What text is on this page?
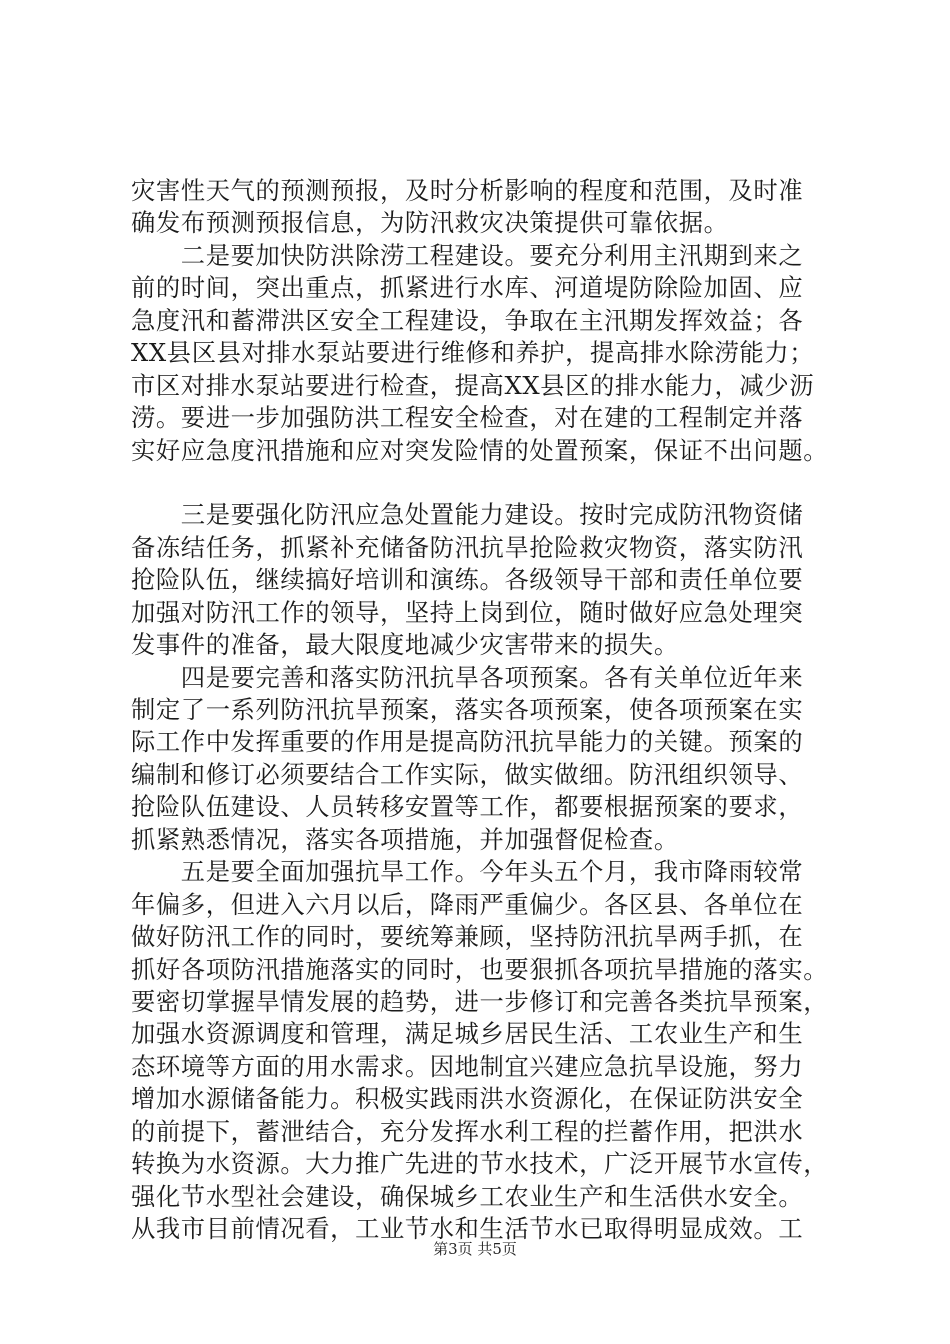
灾害性天气的预测预报，及时分析影响的程度和范围，及时准
确发布预测预报信息，为防汛救灾决策提供可靠依据。
　　二是要加快防洪除涝工程建设。要充分利用主汛期到来之
前的时间，突出重点，抓紧进行水库、河道堤防除险加固、应
急度汛和蓄滞洪区安全工程建设，争取在主汛期发挥效益；各
XX县区县对排水泵站要进行维修和养护，提高排水除涝能力；
市区对排水泵站要进行检查，提高XX县区的排水能力，减少沥
涝。要进一步加强防洪工程安全检查，对在建的工程制定并落
实好应急度汛措施和应对突发险情的处置预案，保证不出问题。
　　三是要强化防汛应急处置能力建设。按时完成防汛物资储
备冻结任务，抓紧补充储备防汛抗旱抢险救灾物资，落实防汛
抢险队伍，继续搞好培训和演练。各级领导干部和责任单位要
加强对防汛工作的领导，坚持上岗到位，随时做好应急处理突
发事件的准备，最大限度地减少灾害带来的损失。
　　四是要完善和落实防汛抗旱各项预案。各有关单位近年来
制定了一系列防汛抗旱预案，落实各项预案，使各项预案在实
际工作中发挥重要的作用是提高防汛抗旱能力的关键。预案的
编制和修订必须要结合工作实际，做实做细。防汛组织领导、
抢险队伍建设、人员转移安置等工作，都要根据预案的要求，
抓紧熟悉情况，落实各项措施，并加强督促检查。
　　五是要全面加强抗旱工作。今年头五个月，我市降雨较常
年偏多，但进入六月以后，降雨严重偏少。各区县、各单位在
做好防汛工作的同时，要统筹兼顾，坚持防汛抗旱两手抓，在
抓好各项防汛措施落实的同时，也要狠抓各项抗旱措施的落实。
要密切掌握旱情发展的趋势，进一步修订和完善各类抗旱预案，
加强水资源调度和管理，满足城乡居民生活、工农业生产和生
态环境等方面的用水需求。因地制宜兴建应急抗旱设施，努力
增加水源储备能力。积极实践雨洪水资源化，在保证防洪安全
的前提下，蓄泄结合，充分发挥水利工程的拦蓄作用，把洪水
转换为水资源。大力推广先进的节水技术，广泛开展节水宣传，
强化节水型社会建设，确保城乡工农业生产和生活供水安全。
从我市目前情况看，工业节水和生活节水已取得明显成效。工
第3页 共5页
